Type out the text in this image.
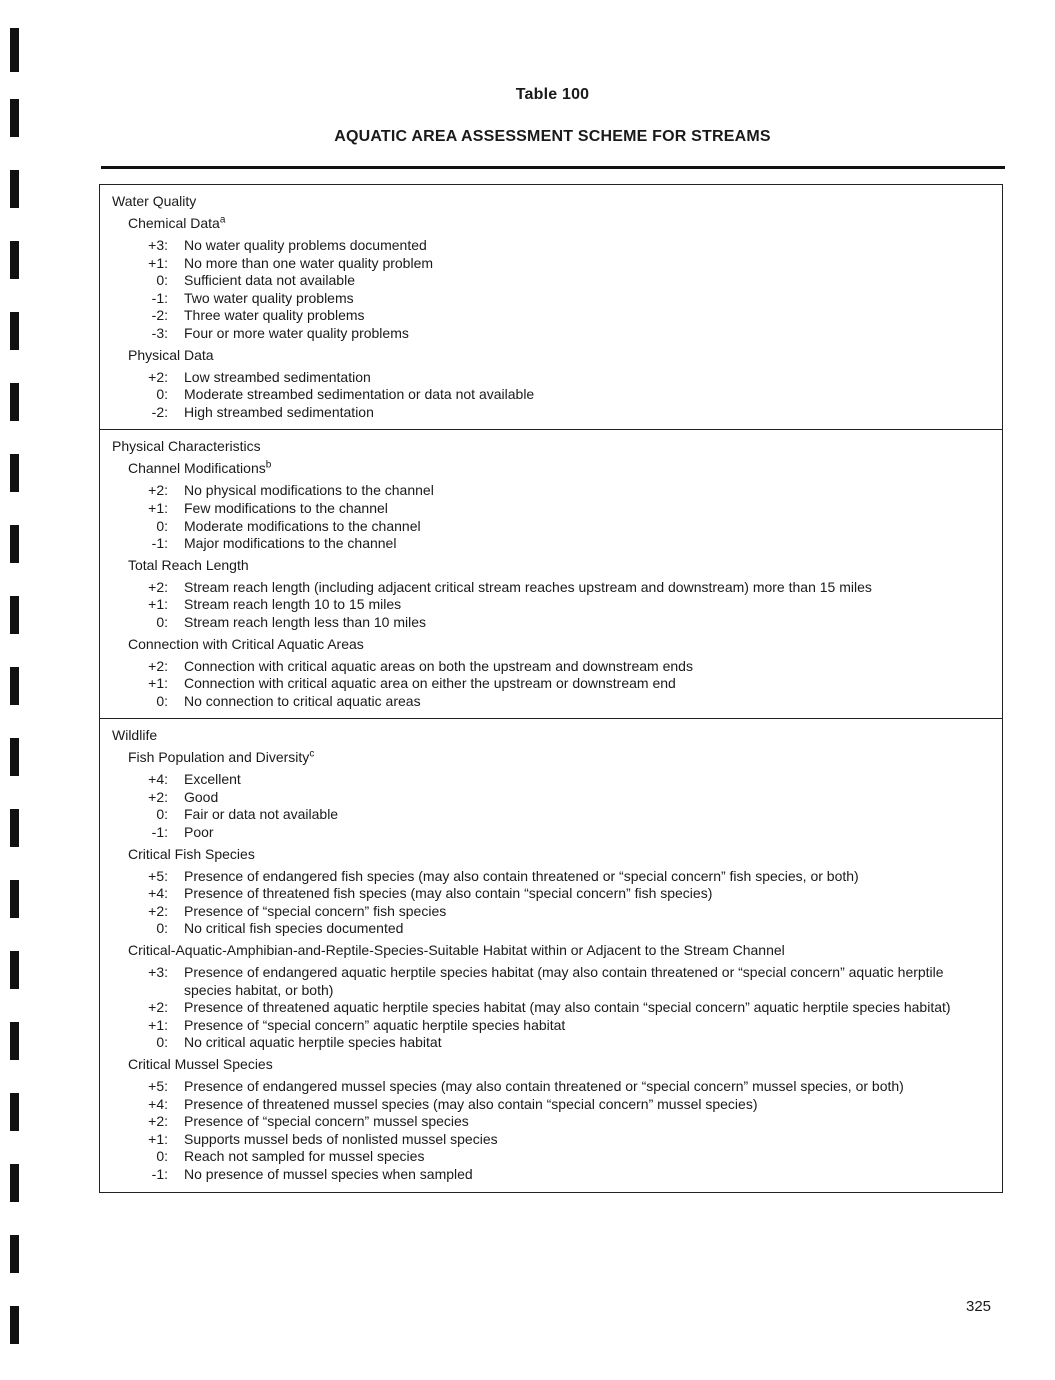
Table 100
AQUATIC AREA ASSESSMENT SCHEME FOR STREAMS
Water Quality
Chemical Data$^a$
+3:	No water quality problems documented
+1:	No more than one water quality problem
0:	Sufficient data not available
-1:	Two water quality problems
-2:	Three water quality problems
-3:	Four or more water quality problems
Physical Data
+2:	Low streambed sedimentation
0:	Moderate streambed sedimentation or data not available
-2:	High streambed sedimentation
Physical Characteristics
Channel Modifications$^b$
+2:	No physical modifications to the channel
+1:	Few modifications to the channel
0:	Moderate modifications to the channel
-1:	Major modifications to the channel
Total Reach Length
+2:	Stream reach length (including adjacent critical stream reaches upstream and downstream) more than 15 miles
+1:	Stream reach length 10 to 15 miles
0:	Stream reach length less than 10 miles
Connection with Critical Aquatic Areas
+2:	Connection with critical aquatic areas on both the upstream and downstream ends
+1:	Connection with critical aquatic area on either the upstream or downstream end
0:	No connection to critical aquatic areas
Wildlife
Fish Population and Diversity$^c$
+4:	Excellent
+2:	Good
0:	Fair or data not available
-1:	Poor
Critical Fish Species
+5:	Presence of endangered fish species (may also contain threatened or “special concern” fish species, or both)
+4:	Presence of threatened fish species (may also contain “special concern” fish species)
+2:	Presence of “special concern” fish species
0:	No critical fish species documented
Critical-Aquatic-Amphibian-and-Reptile-Species-Suitable Habitat within or Adjacent to the Stream Channel
+3:	Presence of endangered aquatic herptile species habitat (may also contain threatened or “special concern” aquatic herptile species habitat, or both)
+2:	Presence of threatened aquatic herptile species habitat (may also contain “special concern” aquatic herptile species habitat)
+1:	Presence of “special concern” aquatic herptile species habitat
0:	No critical aquatic herptile species habitat
Critical Mussel Species
+5:	Presence of endangered mussel species (may also contain threatened or “special concern” mussel species, or both)
+4:	Presence of threatened mussel species (may also contain “special concern” mussel species)
+2:	Presence of “special concern” mussel species
+1:	Supports mussel beds of nonlisted mussel species
0:	Reach not sampled for mussel species
-1:	No presence of mussel species when sampled
325
